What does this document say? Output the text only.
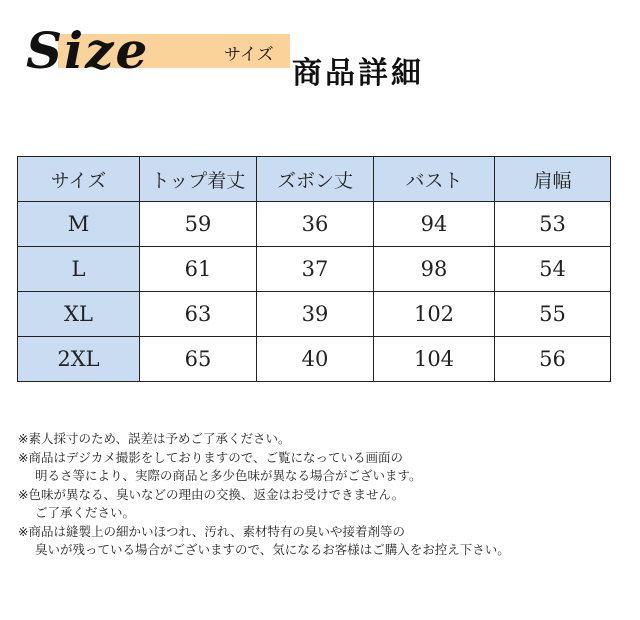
Size	サイズ
商品詳細
サイズ	トップ着丈	ズボン丈	バスト	肩幅
M	59	36	94	53
L	61	37	98	54
XL	63	39	102	55
2XL	65	40	104	56
※素人採寸のため、誤差は予めご了承ください。
※商品はデジカメ撮影をしておりますので、ご覧になっている画面の
明るさ等により、実際の商品と多少色味が異なる場合がございます。
※色味が異なる、臭いなどの理由の交換、返金はお受けできません。
ご了承ください。
※商品は縫製上の細かいほつれ、汚れ、素材特有の臭いや接着剤等の
臭いが残っている場合がございますので、気になるお客様はご購入をお控え下さい。
